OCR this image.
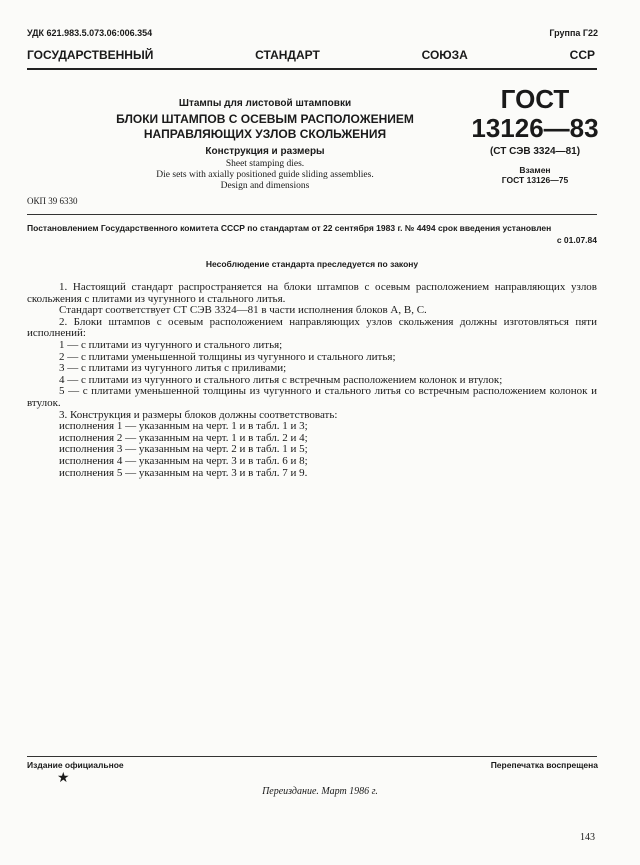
УДК 621.983.5.073.06:006.354	Группа Г22
ГОСУДАРСТВЕННЫЙ СТАНДАРТ СОЮЗА ССР
Штампы для листовой штамповки
БЛОКИ ШТАМПОВ С ОСЕВЫМ РАСПОЛОЖЕНИЕМ
НАПРАВЛЯЮЩИХ УЗЛОВ СКОЛЬЖЕНИЯ
Конструкция и размеры
Sheet stamping dies.
Die sets with axially positioned guide sliding assemblies.
Design and dimensions
ГОСТ
13126—83
(СТ СЭВ 3324—81)
Взамен
ГОСТ 13126—75
ОКП 39 6330
Постановлением Государственного комитета СССР по стандартам от 22 сентября 1983 г. № 4494 срок введения установлен
с 01.07.84
Несоблюдение стандарта преследуется по закону

1. Настоящий стандарт распространяется на блоки штампов с осевым расположением направляющих узлов скольжения с плитами из чугунного и стального литья.

Стандарт соответствует СТ СЭВ 3324—81 в части исполнения блоков А, В, С.

2. Блоки штампов с осевым расположением направляющих узлов скольжения должны изготовляться пяти исполнений:

1 — с плитами из чугунного и стального литья;

2 — с плитами уменьшенной толщины из чугунного и стального литья;

3 — с плитами из чугунного литья с приливами;

4 — с плитами из чугунного и стального литья с встречным расположением колонок и втулок;

5 — с плитами уменьшенной толщины из чугунного и стального литья со встречным расположением колонок и втулок.

3. Конструкция и размеры блоков должны соответствовать:

исполнения 1 — указанным на черт. 1 и в табл. 1 и 3;

исполнения 2 — указанным на черт. 1 и в табл. 2 и 4;

исполнения 3 — указанным на черт. 2 и в табл. 1 и 5;

исполнения 4 — указанным на черт. 3 и в табл. 6 и 8;

исполнения 5 — указанным на черт. 3 и в табл. 7 и 9.

Издание официальное
★
Перепечатка воспрещена
Переиздание. Март 1986 г.
143
